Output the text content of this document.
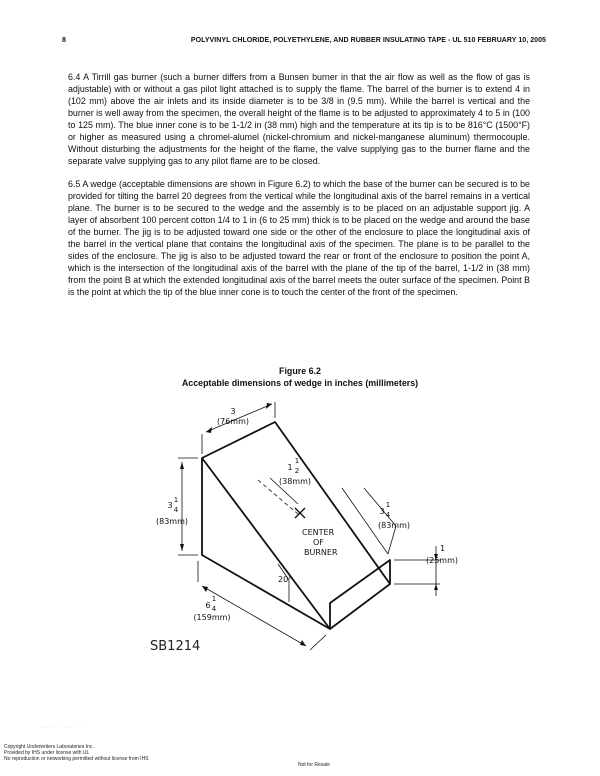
8	POLYVINYL CHLORIDE, POLYETHYLENE, AND RUBBER INSULATING TAPE - UL 510 FEBRUARY 10, 2005
6.4 A Tirrill gas burner (such a burner differs from a Bunsen burner in that the air flow as well as the flow of gas is adjustable) with or without a gas pilot light attached is to supply the flame. The barrel of the burner is to extend 4 in (102 mm) above the air inlets and its inside diameter is to be 3/8 in (9.5 mm). While the barrel is vertical and the burner is well away from the specimen, the overall height of the flame is to be adjusted to approximately 4 to 5 in (100 to 125 mm). The blue inner cone is to be 1-1/2 in (38 mm) high and the temperature at its tip is to be 816°C (1500°F) or higher as measured using a chromel-alumel (nickel-chromium and nickel-manganese aluminum) thermocouple. Without disturbing the adjustments for the height of the flame, the valve supplying gas to the burner flame and the separate valve supplying gas to any pilot flame are to be closed.
6.5 A wedge (acceptable dimensions are shown in Figure 6.2) to which the base of the burner can be secured is to be provided for tilting the barrel 20 degrees from the vertical while the longitudinal axis of the barrel remains in a vertical plane. The burner is to be secured to the wedge and the assembly is to be placed on an adjustable support jig. A layer of absorbent 100 percent cotton 1/4 to 1 in (6 to 25 mm) thick is to be placed on the wedge and around the base of the burner. The jig is to be adjusted toward one side or the other of the enclosure to place the longitudinal axis of the barrel in the vertical plane that contains the longitudinal axis of the specimen. The plane is to be parallel to the sides of the enclosure. The jig is also to be adjusted toward the rear or front of the enclosure to position the point A, which is the intersection of the longitudinal axis of the barrel with the plane of the tip of the barrel, 1-1/2 in (38 mm) from the point B at which the extended longitudinal axis of the barrel meets the outer surface of the specimen. Point B is the point at which the tip of the blue inner cone is to touch the center of the front of the specimen.
Figure 6.2
Acceptable dimensions of wedge in inches (millimeters)
3
(76mm)
3
1
4
(83mm)
1
1
2
(38mm)
CENTER
OF
BURNER
3
1
4
(83mm)
1
(25mm)
20°
6
1
4
(159mm)
SB1214
· · · · · · · · ·
Copyright Underwriters Laboratories Inc.
Provided by IHS under license with UL
No reproduction or networking permitted without license from IHS
Not for Resale
